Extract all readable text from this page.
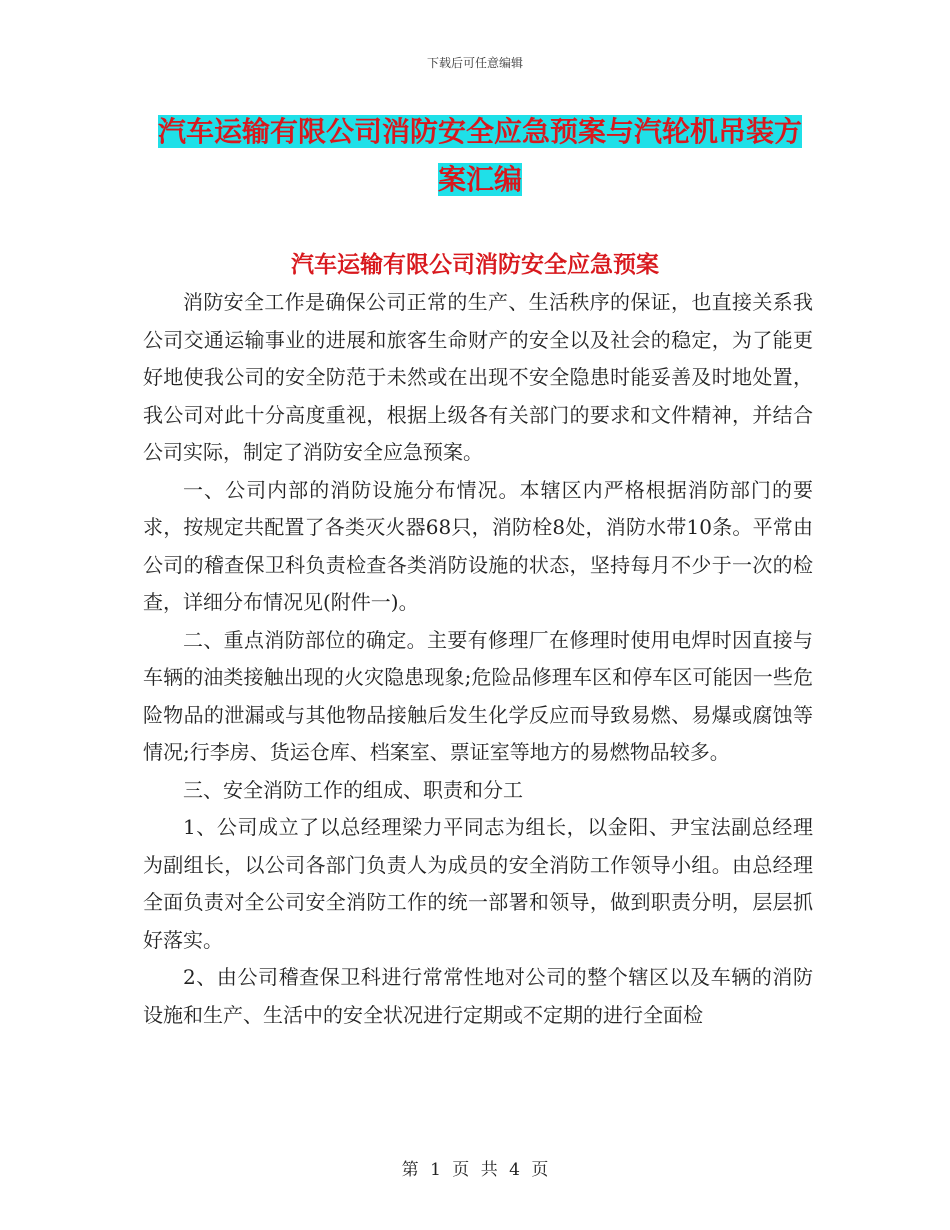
下载后可任意编辑
汽车运输有限公司消防安全应急预案与汽轮机吊装方
案汇编
汽车运输有限公司消防安全应急预案

消防安全工作是确保公司正常的生产、生活秩序的保证，也直接关系我公司交通运输事业的进展和旅客生命财产的安全以及社会的稳定，为了能更好地使我公司的安全防范于未然或在出现不安全隐患时能妥善及时地处置，我公司对此十分高度重视，根据上级各有关部门的要求和文件精神，并结合公司实际，制定了消防安全应急预案。

一、公司内部的消防设施分布情况。本辖区内严格根据消防部门的要求，按规定共配置了各类灭火器68只，消防栓8处，消防水带10条。平常由公司的稽查保卫科负责检查各类消防设施的状态，坚持每月不少于一次的检查，详细分布情况见(附件一)。

二、重点消防部位的确定。主要有修理厂在修理时使用电焊时因直接与车辆的油类接触出现的火灾隐患现象;危险品修理车区和停车区可能因一些危险物品的泄漏或与其他物品接触后发生化学反应而导致易燃、易爆或腐蚀等情况;行李房、货运仓库、档案室、票证室等地方的易燃物品较多。

三、安全消防工作的组成、职责和分工

1、公司成立了以总经理梁力平同志为组长，以金阳、尹宝法副总经理为副组长，以公司各部门负责人为成员的安全消防工作领导小组。由总经理全面负责对全公司安全消防工作的统一部署和领导，做到职责分明，层层抓好落实。

2、由公司稽查保卫科进行常常性地对公司的整个辖区以及车辆的消防设施和生产、生活中的安全状况进行定期或不定期的进行全面检

第 1 页 共 4 页
